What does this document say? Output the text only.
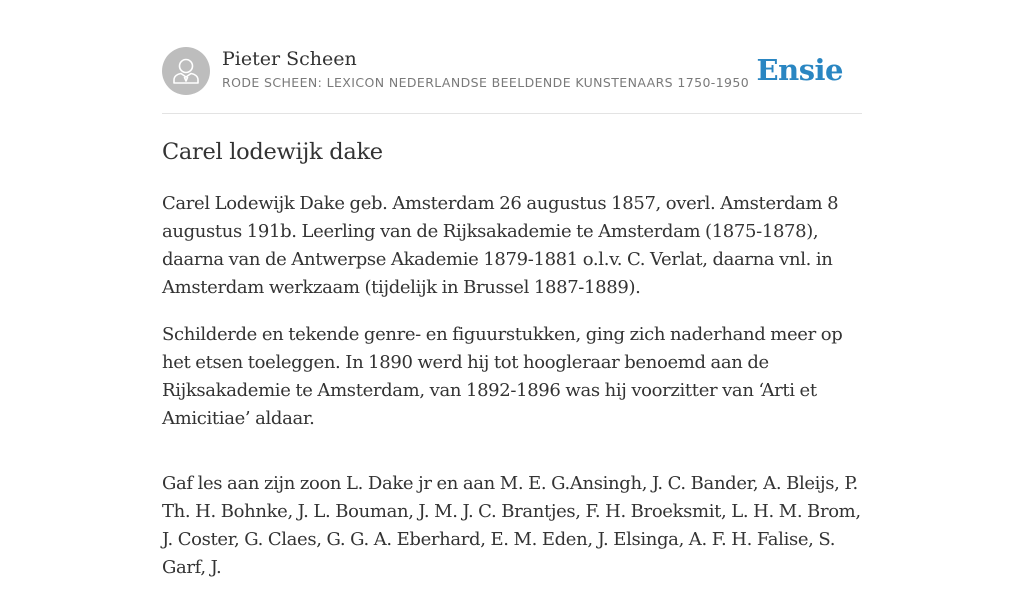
Pieter Scheen
RODE SCHEEN: LEXICON NEDERLANDSE BEELDENDE KUNSTENAARS 1750-1950 Ensie
Carel lodewijk dake

Carel Lodewijk Dake geb. Amsterdam 26 augustus 1857, overl. Amsterdam 8 augustus 191b. Leerling van de Rijksakademie te Amsterdam (1875-1878), daarna van de Antwerpse Akademie 1879-1881 o.l.v. C. Verlat, daarna vnl. in Amsterdam werkzaam (tijdelijk in Brussel 1887-1889).

Schilderde en tekende genre- en figuurstukken, ging zich naderhand meer op het etsen toeleggen. In 1890 werd hij tot hoogleraar benoemd aan de Rijksakademie te Amsterdam, van 1892-1896 was hij voorzitter van ‘Arti et Amicitiae’ aldaar.

Gaf les aan zijn zoon L. Dake jr en aan M. E. G.Ansingh, J. C. Bander, A. Bleijs, P. Th. H. Bohnke, J. L. Bouman, J. M. J. C. Brantjes, F. H. Broeksmit, L. H. M. Brom, J. Coster, G. Claes, G. G. A. Eberhard, E. M. Eden, J. Elsinga, A. F. H. Falise, S. Garf, J.
